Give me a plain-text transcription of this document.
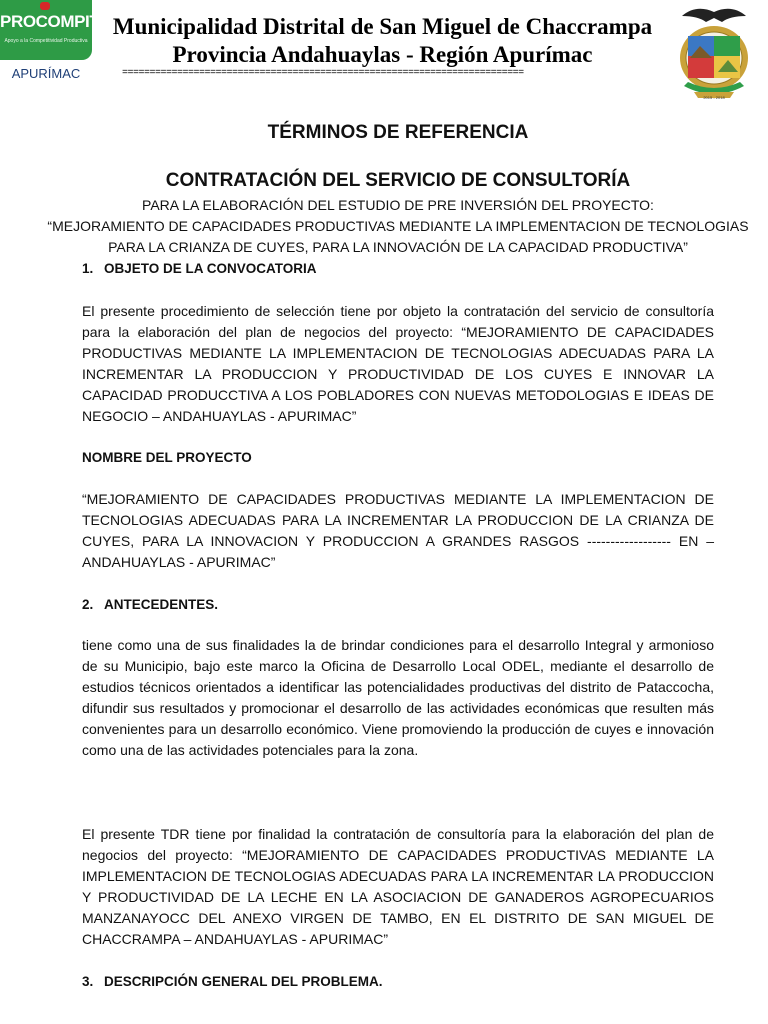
PROCOMPITE
Apoyo a la Competitividad Productiva
APURÍMAC
Municipalidad Distrital de San Miguel de Chaccrampa
Provincia Andahuaylas - Región Apurímac
=========================================================================
2015 - 2018
TÉRMINOS DE REFERENCIA
CONTRATACIÓN DEL SERVICIO DE CONSULTORÍA
PARA LA ELABORACIÓN DEL ESTUDIO DE PRE INVERSIÓN DEL PROYECTO:
“MEJORAMIENTO DE CAPACIDADES PRODUCTIVAS MEDIANTE LA IMPLEMENTACION DE TECNOLOGIAS
PARA LA CRIANZA DE CUYES, PARA LA INNOVACIÓN DE LA CAPACIDAD PRODUCTIVA”
1. OBJETO DE LA CONVOCATORIA
El presente procedimiento de selección tiene por objeto la contratación del servicio de consultoría para la elaboración del plan de negocios del proyecto: “MEJORAMIENTO DE CAPACIDADES PRODUCTIVAS MEDIANTE LA IMPLEMENTACION DE TECNOLOGIAS ADECUADAS PARA LA INCREMENTAR LA PRODUCCION Y PRODUCTIVIDAD DE LOS CUYES E INNOVAR LA CAPACIDAD PRODUCCTIVA A LOS POBLADORES CON NUEVAS METODOLOGIAS E IDEAS DE NEGOCIO – ANDAHUAYLAS - APURIMAC”
NOMBRE DEL PROYECTO
“MEJORAMIENTO DE CAPACIDADES PRODUCTIVAS MEDIANTE LA IMPLEMENTACION DE TECNOLOGIAS ADECUADAS PARA LA INCREMENTAR LA PRODUCCION DE LA CRIANZA DE CUYES, PARA LA INNOVACION Y PRODUCCION A GRANDES RASGOS ------------------ EN – ANDAHUAYLAS - APURIMAC”
2. ANTECEDENTES.
tiene como una de sus finalidades la de brindar condiciones para el desarrollo Integral y armonioso de su Municipio, bajo este marco la Oficina de Desarrollo Local ODEL, mediante el desarrollo de estudios técnicos orientados a identificar las potencialidades productivas del distrito de Pataccocha, difundir sus resultados y promocionar el desarrollo de las actividades económicas que resulten más convenientes para un desarrollo económico. Viene promoviendo la producción de cuyes e innovación como una de las actividades potenciales para la zona.
El presente TDR tiene por finalidad la contratación de consultoría para la elaboración del plan de negocios del proyecto: “MEJORAMIENTO DE CAPACIDADES PRODUCTIVAS MEDIANTE LA IMPLEMENTACION DE TECNOLOGIAS ADECUADAS PARA LA INCREMENTAR LA PRODUCCION Y PRODUCTIVIDAD DE LA LECHE EN LA ASOCIACION DE GANADEROS AGROPECUARIOS MANZANAYOCC DEL ANEXO VIRGEN DE TAMBO, EN EL DISTRITO DE SAN MIGUEL DE CHACCRAMPA – ANDAHUAYLAS - APURIMAC”
3. DESCRIPCIÓN GENERAL DEL PROBLEMA.
